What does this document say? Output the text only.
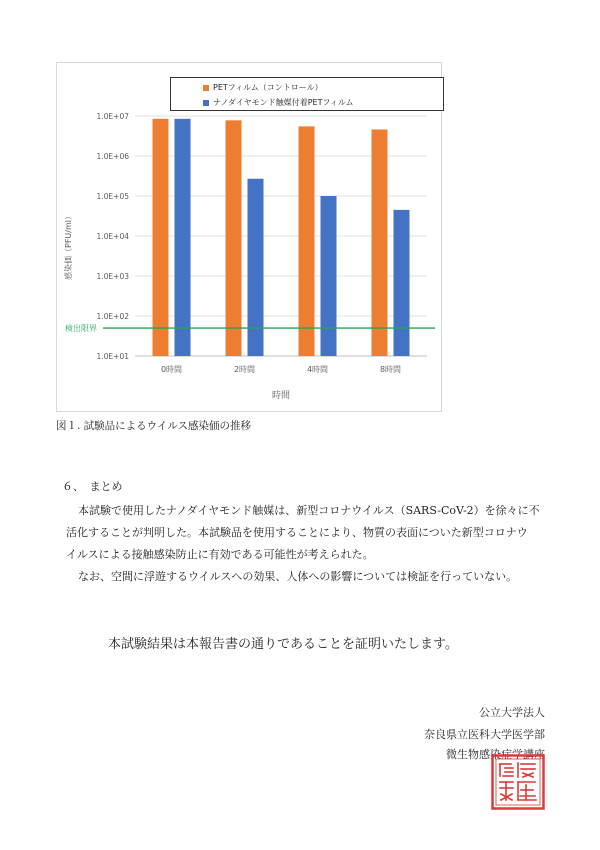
1.0E+01
1.0E+02
1.0E+03
1.0E+04
1.0E+05
1.0E+06
1.0E+07
0時間	2時間	4時間	8時間
検出限界
時間
感染価（PFU/ml）
PETフィルム（コントロール）
ナノダイヤモンド触媒付着PETフィルム
図１. 試験品によるウイルス感染価の推移
６、　まとめ
本試験で使用したナノダイヤモンド触媒は、新型コロナウイルス（SARS-CoV-2）を徐々に不
活化することが判明した。本試験品を使用することにより、物質の表面についた新型コロナウ
イルスによる接触感染防止に有効である可能性が考えられた。
なお、空間に浮遊するウイルスへの効果、人体への影響については検証を行っていない。
本試験結果は本報告書の通りであることを証明いたします。
公立大学法人
奈良県立医科大学医学部
微生物感染症学講座
